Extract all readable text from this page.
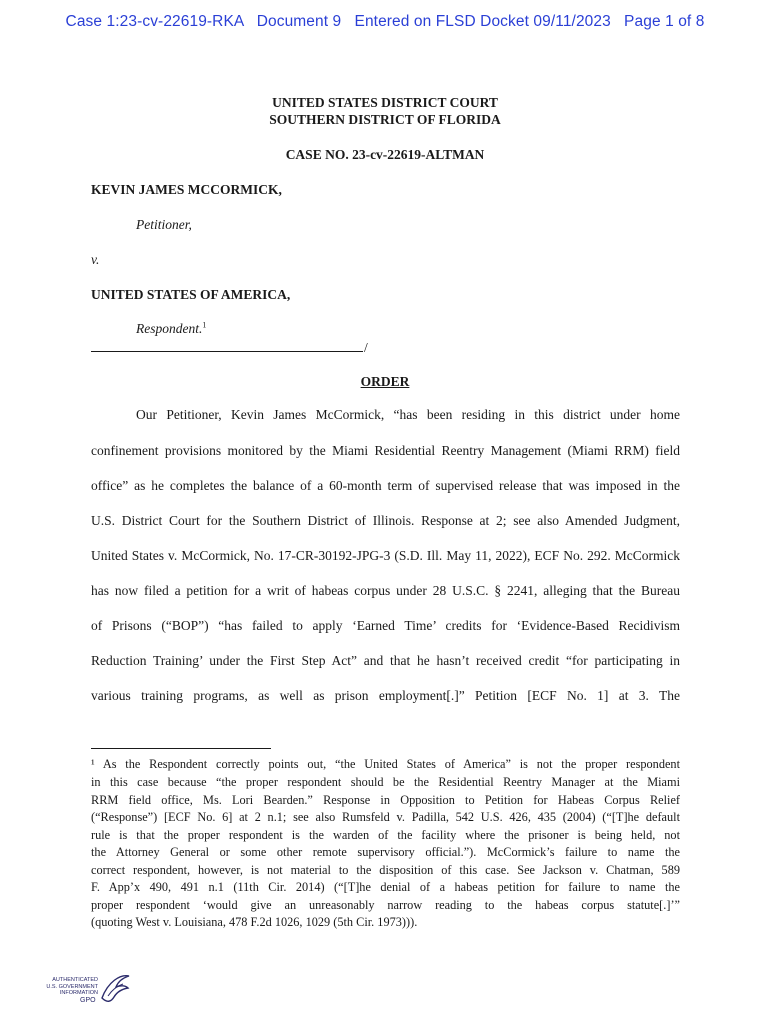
Case 1:23-cv-22619-RKA   Document 9   Entered on FLSD Docket 09/11/2023   Page 1 of 8
UNITED STATES DISTRICT COURT
SOUTHERN DISTRICT OF FLORIDA
CASE NO. 23-cv-22619-ALTMAN
KEVIN JAMES MCCORMICK,
Petitioner,
v.
UNITED STATES OF AMERICA,
Respondent.$^1$
/
ORDER
Our Petitioner, Kevin James McCormick, “has been residing in this district under home
confinement provisions monitored by the Miami Residential Reentry Management (Miami RRM) field
office” as he completes the balance of a 60-month term of supervised release that was imposed in the
U.S. District Court for the Southern District of Illinois. Response at 2; see also Amended Judgment,
United States v. McCormick, No. 17-CR-30192-JPG-3 (S.D. Ill. May 11, 2022), ECF No. 292. McCormick
has now filed a petition for a writ of habeas corpus under 28 U.S.C. § 2241, alleging that the Bureau
of Prisons (“BOP”) “has failed to apply ‘Earned Time’ credits for ‘Evidence-Based Recidivism
Reduction Training’ under the First Step Act” and that he hasn’t received credit “for participating in
various training programs, as well as prison employment[.]” Petition [ECF No. 1] at 3. The
¹ As the Respondent correctly points out, “the United States of America” is not the proper respondent
in this case because “the proper respondent should be the Residential Reentry Manager at the Miami
RRM field office, Ms. Lori Bearden.” Response in Opposition to Petition for Habeas Corpus Relief
(“Response”) [ECF No. 6] at 2 n.1; see also Rumsfeld v. Padilla, 542 U.S. 426, 435 (2004) (“[T]he default
rule is that the proper respondent is the warden of the facility where the prisoner is being held, not
the Attorney General or some other remote supervisory official.”). McCormick’s failure to name the
correct respondent, however, is not material to the disposition of this case. See Jackson v. Chatman, 589
F. App’x 490, 491 n.1 (11th Cir. 2014) (“[T]he denial of a habeas petition for failure to name the
proper respondent ‘would give an unreasonably narrow reading to the habeas corpus statute[.]’”
(quoting West v. Louisiana, 478 F.2d 1026, 1029 (5th Cir. 1973))).
AUTHENTICATED
U.S. GOVERNMENT
INFORMATION
GPO
